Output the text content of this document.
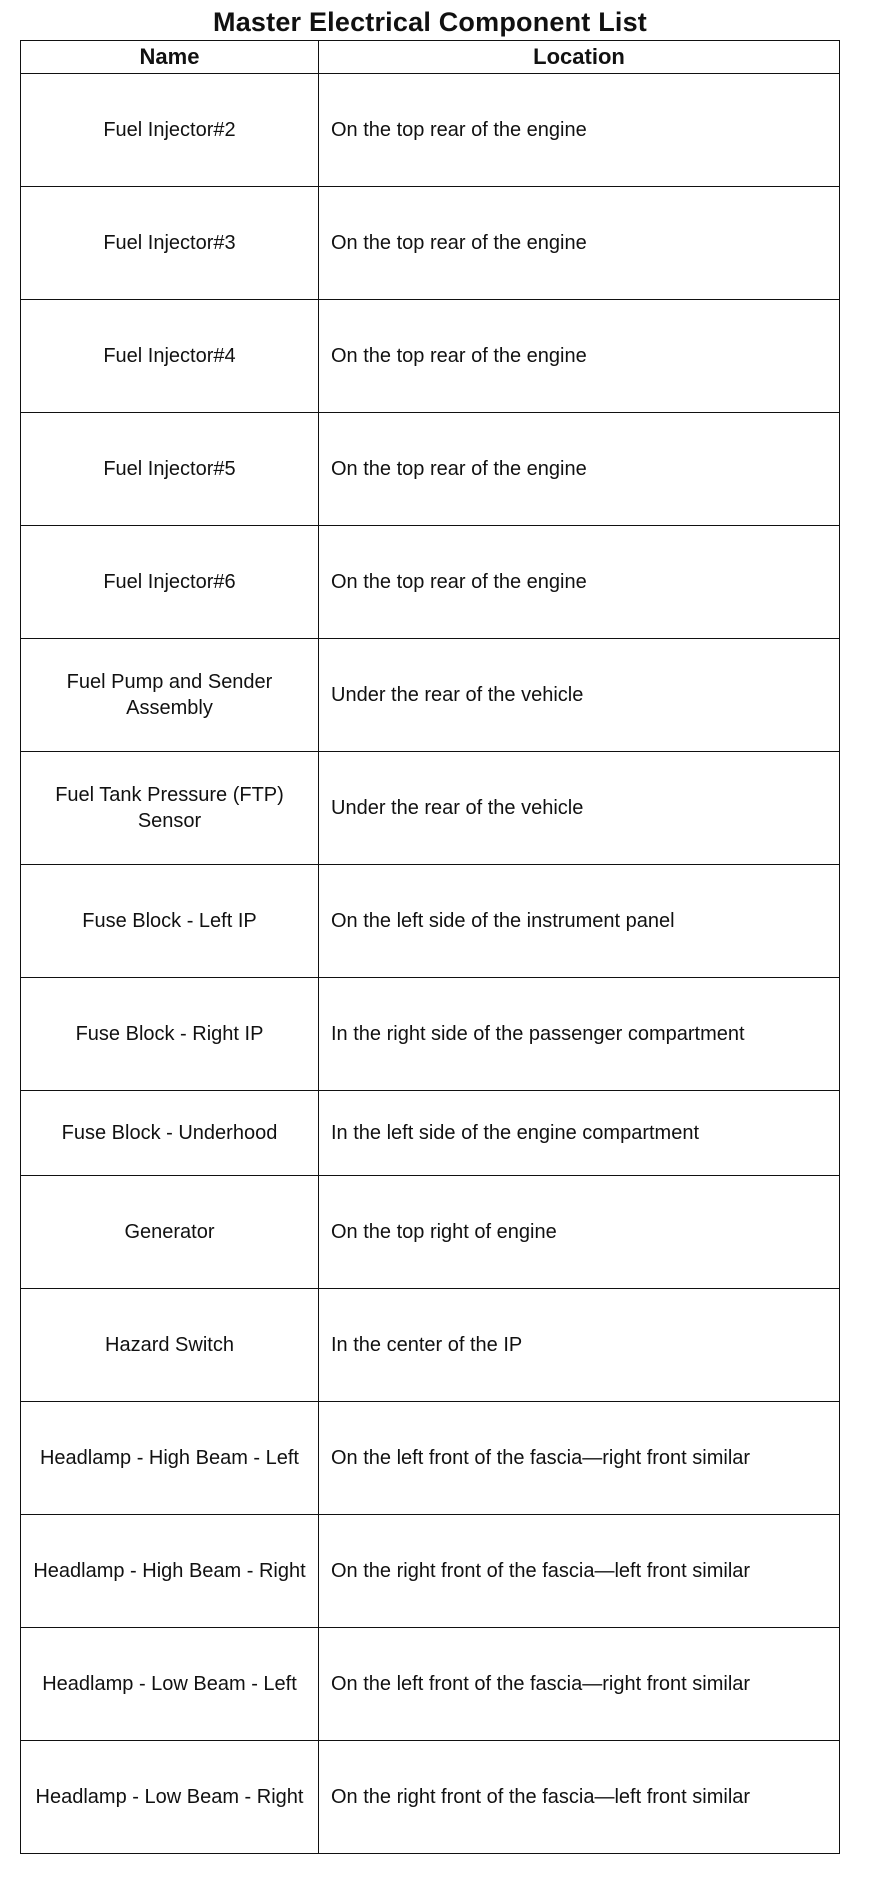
Master Electrical Component List
Name	Location
Fuel Injector#2	On the top rear of the engine
Fuel Injector#3	On the top rear of the engine
Fuel Injector#4	On the top rear of the engine
Fuel Injector#5	On the top rear of the engine
Fuel Injector#6	On the top rear of the engine
Fuel Pump and Sender Assembly	Under the rear of the vehicle
Fuel Tank Pressure (FTP) Sensor	Under the rear of the vehicle
Fuse Block - Left IP	On the left side of the instrument panel
Fuse Block - Right IP	In the right side of the passenger compartment
Fuse Block - Underhood	In the left side of the engine compartment
Generator	On the top right of engine
Hazard Switch	In the center of the IP
Headlamp - High Beam - Left	On the left front of the fascia—right front similar
Headlamp - High Beam - Right	On the right front of the fascia—left front similar
Headlamp - Low Beam - Left	On the left front of the fascia—right front similar
Headlamp - Low Beam - Right	On the right front of the fascia—left front similar
